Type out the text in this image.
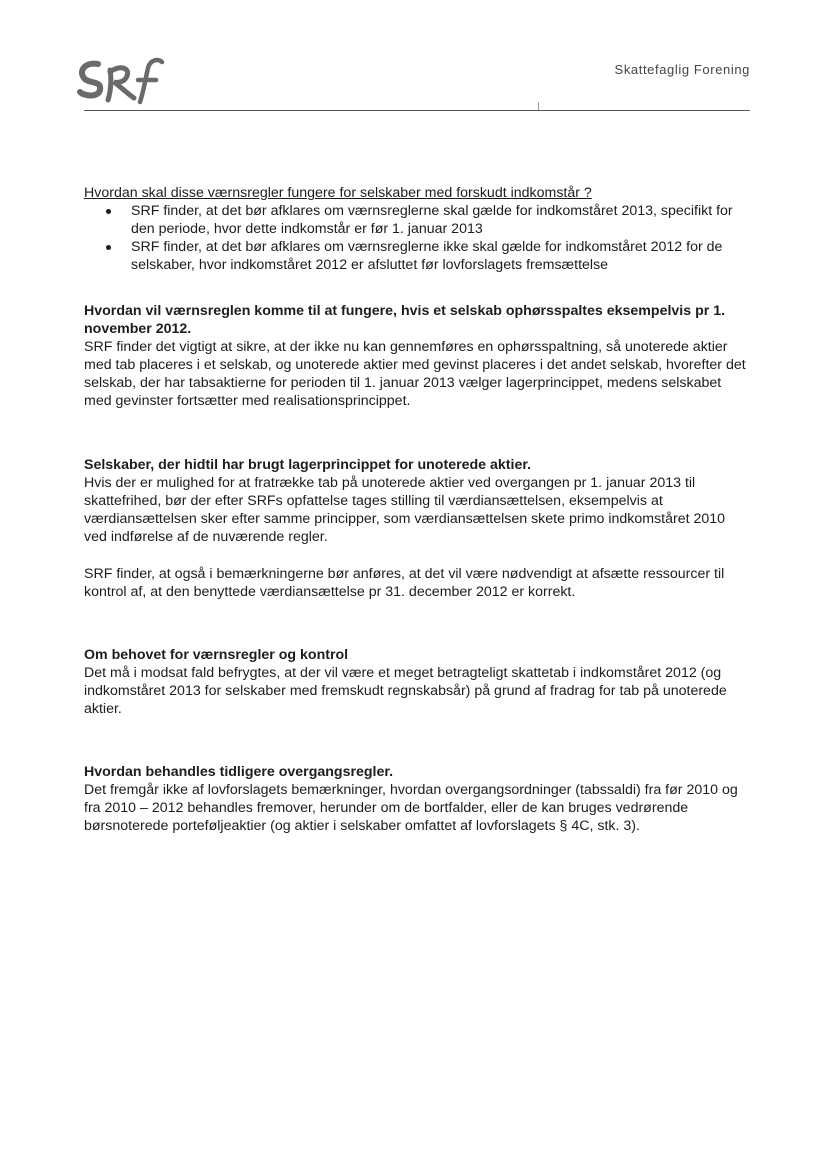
Skattefaglig Forening

Hvordan skal disse værnsregler fungere for selskaber med forskudt indkomstår ?

SRF finder, at det bør afklares om værnsreglerne skal gælde for indkomståret 2013, specifikt for den periode, hvor dette indkomstår er før 1. januar 2013
SRF finder, at det bør afklares om værnsreglerne ikke skal gælde for indkomståret 2012 for de selskaber, hvor indkomståret 2012 er afsluttet før lovforslagets fremsættelse

Hvordan vil værnsreglen komme til at fungere, hvis et selskab ophørsspaltes eksempelvis pr 1. november 2012.

SRF finder det vigtigt at sikre, at der ikke nu kan gennemføres en ophørsspaltning, så unoterede aktier med tab placeres i et selskab, og unoterede aktier med gevinst placeres i det andet selskab, hvorefter det selskab, der har tabsaktierne for perioden til 1. januar 2013 vælger lagerprincippet, medens selskabet med gevinster fortsætter med realisationsprincippet.

Selskaber, der hidtil har brugt lagerprincippet for unoterede aktier.

Hvis der er mulighed for at fratrække tab på unoterede aktier ved overgangen pr 1. januar 2013 til skattefrihed, bør der efter SRFs opfattelse tages stilling til værdiansættelsen, eksempelvis at værdiansættelsen sker efter samme principper, som værdiansættelsen skete primo indkomståret 2010 ved indførelse af de nuværende regler.

SRF finder, at også i bemærkningerne bør anføres, at det vil være nødvendigt at afsætte ressourcer til kontrol af, at den benyttede værdiansættelse pr 31. december 2012 er korrekt.

Om behovet for værnsregler og kontrol

Det må i modsat fald befrygtes, at der vil være et meget betragteligt skattetab i indkomståret 2012 (og indkomståret 2013 for selskaber med fremskudt regnskabsår) på grund af fradrag for tab på unoterede aktier.

Hvordan behandles tidligere overgangsregler.

Det fremgår ikke af lovforslagets bemærkninger, hvordan overgangsordninger (tabssaldi) fra før 2010 og fra 2010 – 2012 behandles fremover, herunder om de bortfalder, eller de kan bruges vedrørende børsnoterede porteføljeaktier (og aktier i selskaber omfattet af lovforslagets § 4C, stk. 3).
